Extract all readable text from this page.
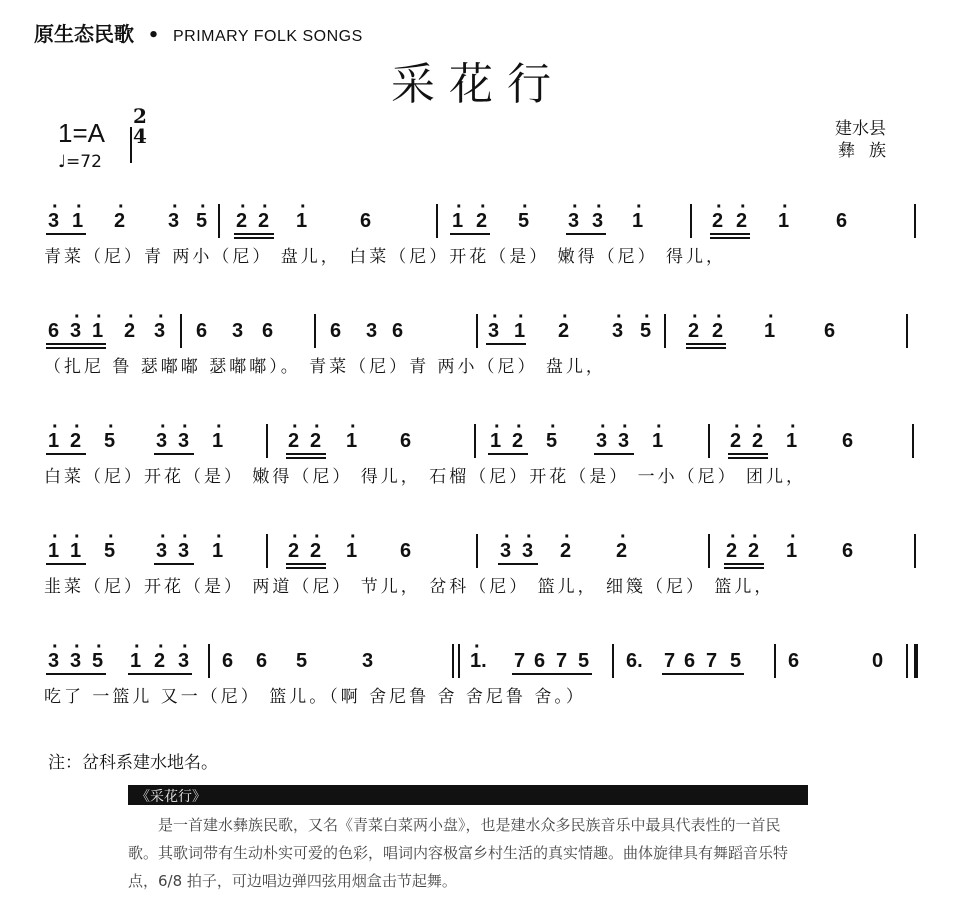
原生态民歌 • PRIMARY FOLK SONGS
采花行
1=A
2
4
♩=72
建水县
彝族
青菜（尼）青 两小（尼） 盘儿， 白菜（尼）开花（是） 嫩得（尼） 得儿，
· 3 · 1 · 2 · 3 · 5 · 2 · 2 · 1	6	· 1 · 2 · 5 · 3 · 3 · 1	· 2 · 2 · 1 6
（扎尼 鲁 瑟嘟嘟 瑟嘟嘟）。 青菜（尼）青 两小（尼） 盘儿，
6 · 3 · 1 · 2 · 3 6 3 6	6 3 6	· 3 · 1 · 2 · 3 · 5 · 2 · 2 · 1 6
白菜（尼）开花（是） 嫩得（尼） 得儿， 石榴（尼）开花（是） 一小（尼） 团儿，
· 1 · 2 · 5 · 3 · 3 · 1	· 2 · 2 · 1 6	· 1 · 2 · 5 · 3 · 3 · 1	· 2 · 2 · 1 6
韭菜（尼）开花（是） 两道（尼） 节儿， 岔科（尼） 篮儿， 细篾（尼） 篮儿，
· 1 · 1 · 5 · 3 · 3 · 1	· 2 · 2 · 1 6	· 3 · 3 · 2 · 2	· 2 · 2 · 1 6
吃了 一篮儿 又一（尼） 篮儿。（啊 舍尼鲁 舍 舍尼鲁 舍。）
· 3 · 3 · 5 · 1 · 2 · 3 6 6 5	3	· 1. 7 6 7 5 6. 7 6 7 5 6	0
注：岔科系建水地名。
《采花行》
是一首建水彝族民歌，又名《青菜白菜两小盘》，也是建水众多民族音乐中最具代表性的一首民歌。其歌词带有生动朴实可爱的色彩，唱词内容极富乡村生活的真实情趣。曲体旋律具有舞蹈音乐特点，6/8 拍子，可边唱边弹四弦用烟盒击节起舞。
